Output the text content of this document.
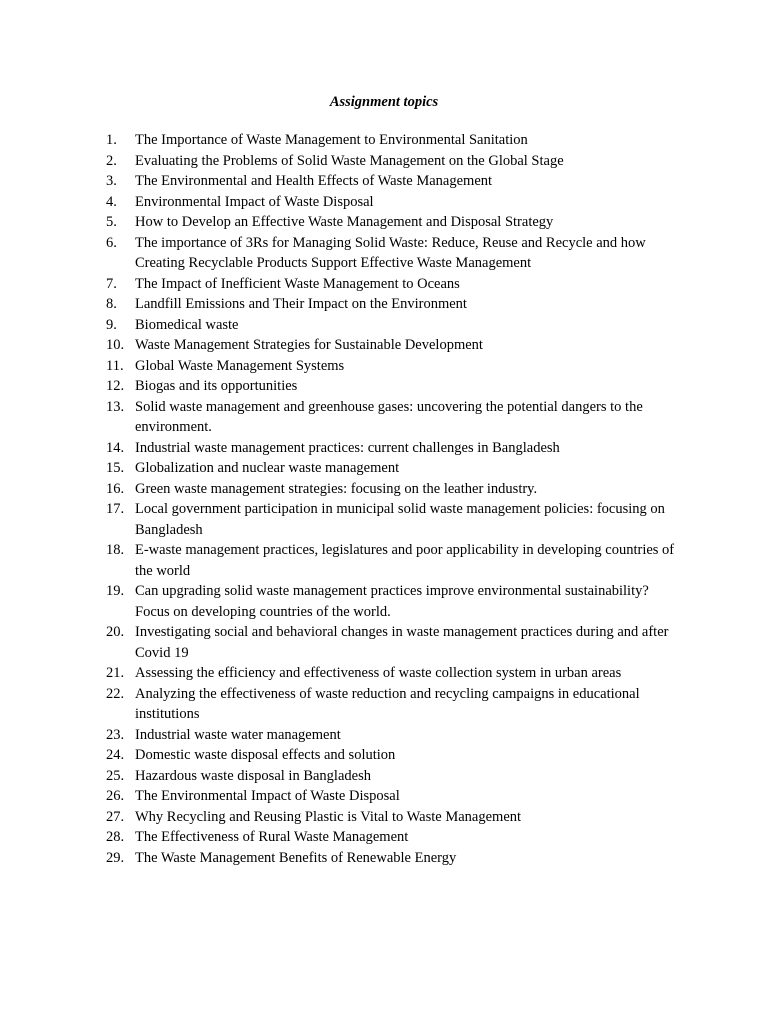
Assignment topics
1.	The Importance of Waste Management to Environmental Sanitation
2.	Evaluating the Problems of Solid Waste Management on the Global Stage
3.	The Environmental and Health Effects of Waste Management
4.	Environmental Impact of Waste Disposal
5.	How to Develop an Effective Waste Management and Disposal Strategy
6.	The importance of 3Rs for Managing Solid Waste: Reduce, Reuse and Recycle and how Creating Recyclable Products Support Effective Waste Management
7.	The Impact of Inefficient Waste Management to Oceans
8.	Landfill Emissions and Their Impact on the Environment
9.	Biomedical waste
10. Waste Management Strategies for Sustainable Development
11. Global Waste Management Systems
12. Biogas and its opportunities
13. Solid waste management and greenhouse gases: uncovering the potential dangers to the environment.
14. Industrial waste management practices: current challenges in Bangladesh
15. Globalization and nuclear waste management
16. Green waste management strategies: focusing on the leather industry.
17. Local government participation in municipal solid waste management policies: focusing on Bangladesh
18. E-waste management practices, legislatures and poor applicability in developing countries of the world
19. Can upgrading solid waste management practices improve environmental sustainability? Focus on developing countries of the world.
20. Investigating social and behavioral changes in waste management practices during and after Covid 19
21. Assessing the efficiency and effectiveness of waste collection system in urban areas
22. Analyzing the effectiveness of waste reduction and recycling campaigns in educational institutions
23. Industrial waste water management
24. Domestic waste disposal effects and solution
25. Hazardous waste disposal in Bangladesh
26. The Environmental Impact of Waste Disposal
27. Why Recycling and Reusing Plastic is Vital to Waste Management
28. The Effectiveness of Rural Waste Management
29. The Waste Management Benefits of Renewable Energy
